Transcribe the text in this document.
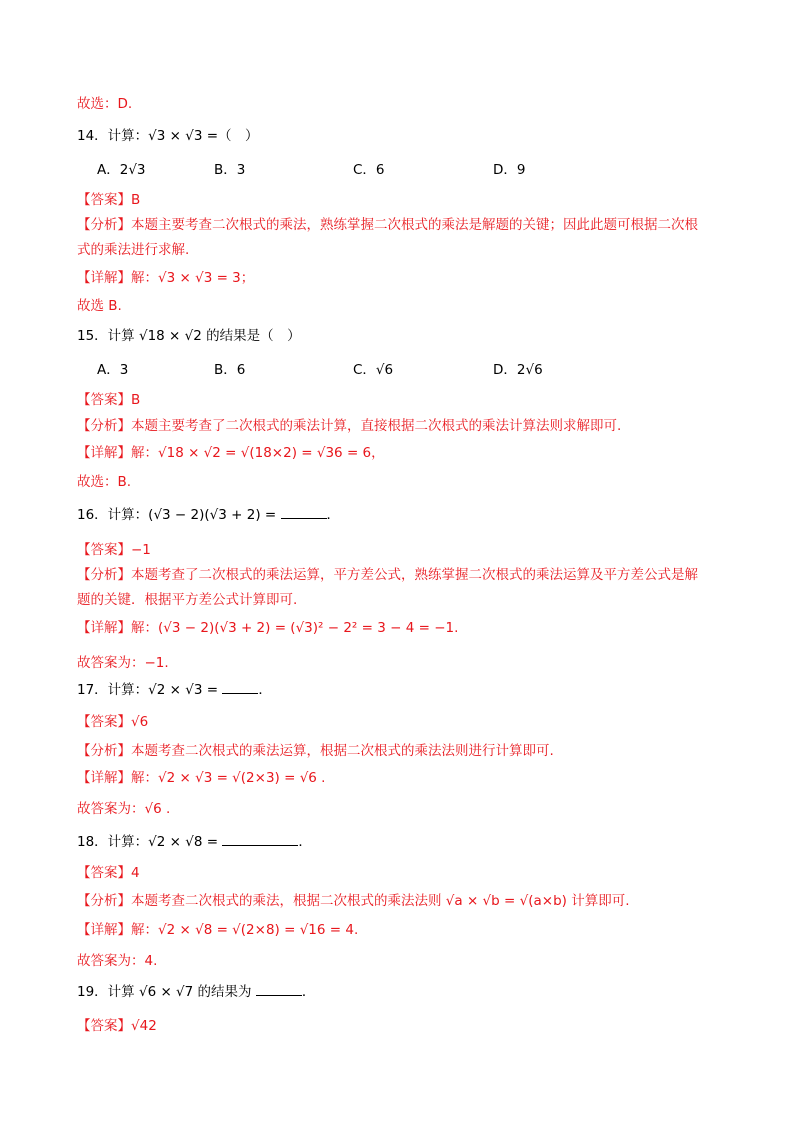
故选：D.
14．计算：√3 × √3 =（　）
A．2√3	B．3	C．6	D．9
【答案】B
【分析】本题主要考查二次根式的乘法，熟练掌握二次根式的乘法是解题的关键；因此此题可根据二次根
式的乘法进行求解.
【详解】解：√3 × √3 = 3；
故选 B.
15．计算 √18 × √2 的结果是（　）
A．3	B．6	C．√6	D．2√6
【答案】B
【分析】本题主要考查了二次根式的乘法计算，直接根据二次根式的乘法计算法则求解即可.
【详解】解：√18 × √2 = √(18×2) = √36 = 6，
故选：B.
16．计算：(√3 − 2)(√3 + 2) =	．
【答案】−1
【分析】本题考查了二次根式的乘法运算，平方差公式，熟练掌握二次根式的乘法运算及平方差公式是解
题的关键．根据平方差公式计算即可.
【详解】解：(√3 − 2)(√3 + 2) = (√3)² − 2² = 3 − 4 = −1.
故答案为：−1.
17．计算：√2 × √3 =	．
【答案】√6
【分析】本题考查二次根式的乘法运算，根据二次根式的乘法法则进行计算即可.
【详解】解：√2 × √3 = √(2×3) = √6 .
故答案为：√6 .
18．计算：√2 × √8 =	．
【答案】4
【分析】本题考查二次根式的乘法，根据二次根式的乘法法则 √a × √b = √(a×b) 计算即可.
【详解】解：√2 × √8 = √(2×8) = √16 = 4.
故答案为：4.
19．计算 √6 × √7 的结果为	．
【答案】√42
